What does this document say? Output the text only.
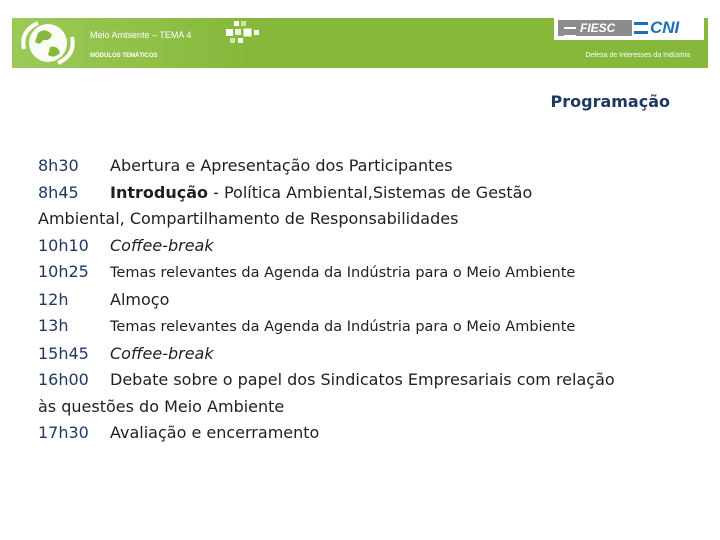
Meio Ambiente – TEMA 4
MÓDULOS TEMÁTICOS	Defesa de Interesses da Indústria
FIESC	CNI
Programação
8h30 Abertura e Apresentação dos Participantes
8h45 Introdução - Política Ambiental,Sistemas de Gestão
Ambiental, Compartilhamento de Responsabilidades
10h10 Coffee-break
10h25 Temas relevantes da Agenda da Indústria para o Meio Ambiente
12h	Almoço
13h	Temas relevantes da Agenda da Indústria para o Meio Ambiente
15h45 Coffee-break
16h00 Debate sobre o papel dos Sindicatos Empresariais com relação
às questões do Meio Ambiente
17h30 Avaliação e encerramento
